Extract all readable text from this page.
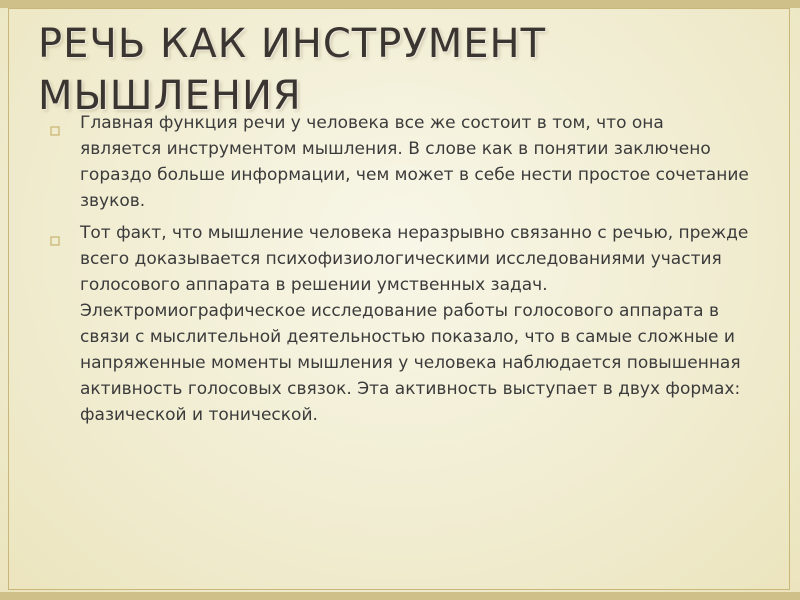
РЕЧЬ КАК ИНСТРУМЕНТ МЫШЛЕНИЯ
Главная функция речи у человека все же состоит в том, что она является инструментом мышления. В слове как в понятии заключено гораздо больше информации, чем может в себе нести простое сочетание звуков.
Тот факт, что мышление человека неразрывно связанно с речью, прежде всего доказывается психофизиологическими исследованиями участия голосового аппарата в решении умственных задач. Электромиографическое исследование работы голосового аппарата в связи с мыслительной деятельностью показало, что в самые сложные и напряженные моменты мышления у человека наблюдается повышенная активность голосовых связок. Эта активность выступает в двух формах: фазической и тонической.
